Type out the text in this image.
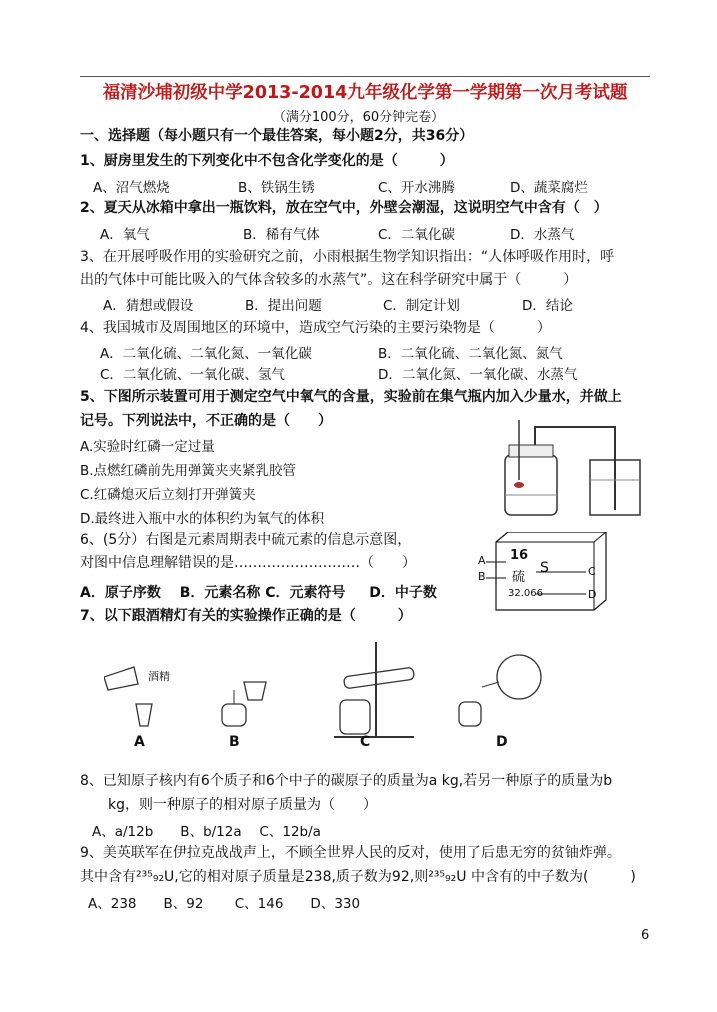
福清沙埔初级中学2013-2014九年级化学第一学期第一次月考试题
（满分100分，60分钟完卷）
一、选择题（每小题只有一个最佳答案，每小题2分，共36分）
1、厨房里发生的下列变化中不包含化学变化的是（　　　）
A、沼气燃烧	B、铁锅生锈	C、开水沸腾	D、蔬菜腐烂
2、夏天从冰箱中拿出一瓶饮料，放在空气中，外壁会潮湿，这说明空气中含有（　）
A．氧气	B．稀有气体	C．二氧化碳	D．水蒸气
3、在开展呼吸作用的实验研究之前，小雨根据生物学知识指出：“人体呼吸作用时，呼
出的气体中可能比吸入的气体含较多的水蒸气”。这在科学研究中属于（　　　）
A．猜想或假设	B．提出问题	C．制定计划	D．结论
4、我国城市及周围地区的环境中，造成空气污染的主要污染物是（　　　）
A．二氧化硫、二氧化氮、一氧化碳	B．二氧化硫、二氧化氮、氮气
C．二氧化硫、一氧化碳、氢气	D．二氧化氮、一氧化碳、水蒸气
5、下图所示装置可用于测定空气中氧气的含量，实验前在集气瓶内加入少量水，并做上
记号。下列说法中，不正确的是（　　）
A.实验时红磷一定过量
B.点燃红磷前先用弹簧夹夹紧乳胶管
C.红磷熄灭后立刻打开弹簧夹
D.最终进入瓶中水的体积约为氧气的体积
6、(5分）右图是元素周期表中硫元素的信息示意图，
对图中信息理解错误的是………………………（　　）
A．原子序数　 B．元素名称 C．元素符号 　 D．中子数
A
B	C
D
16
硫
S
32.066
7、以下跟酒精灯有关的实验操作正确的是（　　　）
酒精
A	B	C	D
8、已知原子核内有6个质子和6个中子的碳原子的质量为a kg,若另一种原子的质量为b
kg，则一种原子的相对原子质量为（　　）
A、a/12b　　B、b/12a　 C、12b/a
9、美英联军在伊拉克战战声上，不顾全世界人民的反对，使用了后患无穷的贫铀炸弹。
其中含有²³⁵₉₂U,它的相对原子质量是238,质子数为92,则²³⁵₉₂U 中含有的中子数为(　　　)
A、238　　B、92　　 C、146　　D、330
6
